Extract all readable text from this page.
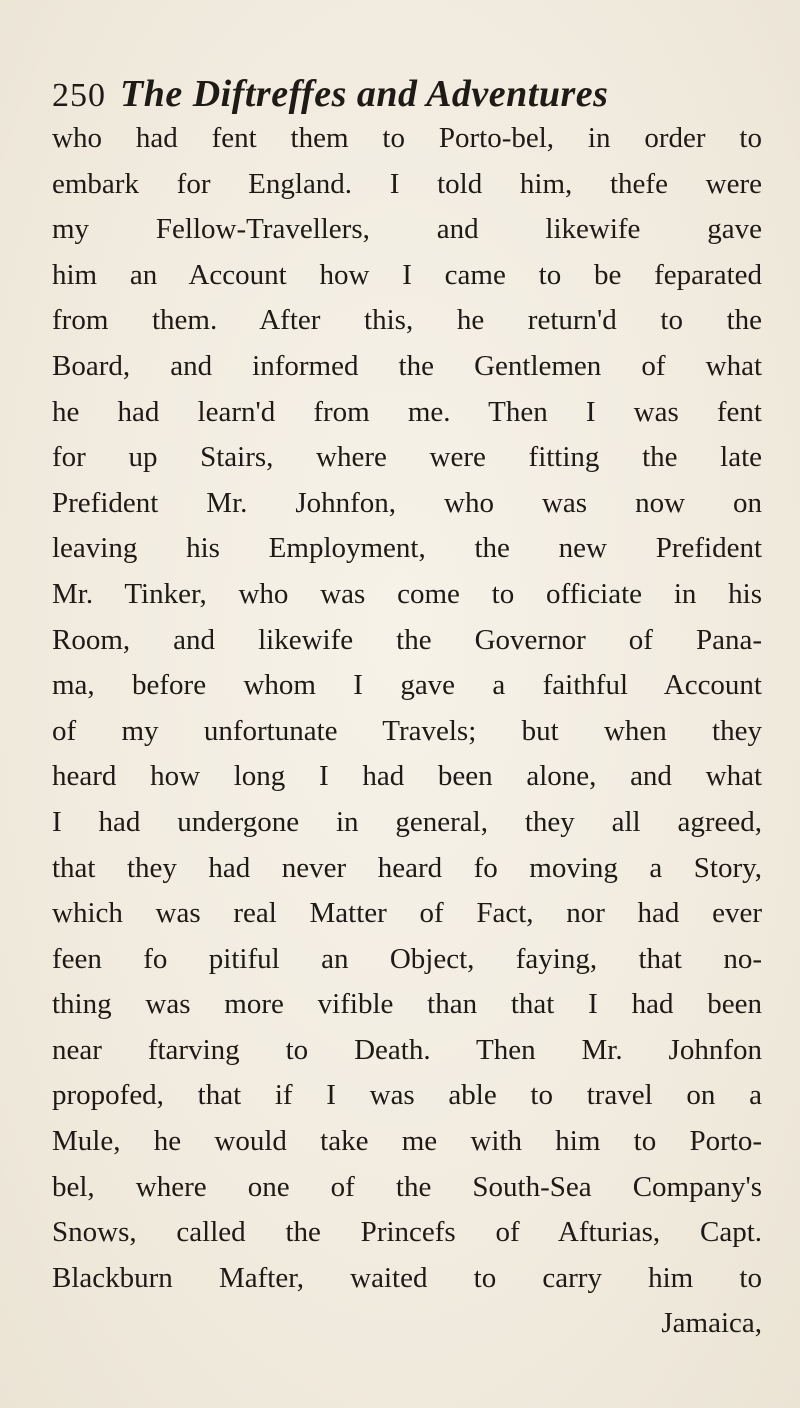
250 The Diftreffes and Adventures
who had fent them to Porto-bel, in order to
embark for England. I told him, thefe were
my Fellow-Travellers, and likewife gave
him an Account how I came to be feparated
from them. After this, he return'd to the
Board, and informed the Gentlemen of what
he had learn'd from me. Then I was fent
for up Stairs, where were fitting the late
Prefident Mr. Johnfon, who was now on
leaving his Employment, the new Prefident
Mr. Tinker, who was come to officiate in his
Room, and likewife the Governor of Pana-
ma, before whom I gave a faithful Account
of my unfortunate Travels; but when they
heard how long I had been alone, and what
I had undergone in general, they all agreed,
that they had never heard fo moving a Story,
which was real Matter of Fact, nor had ever
feen fo pitiful an Object, faying, that no-
thing was more vifible than that I had been
near ftarving to Death. Then Mr. Johnfon
propofed, that if I was able to travel on a
Mule, he would take me with him to Porto-
bel, where one of the South-Sea Company's
Snows, called the Princefs of Afturias, Capt.
Blackburn Mafter, waited to carry him to
Jamaica,
